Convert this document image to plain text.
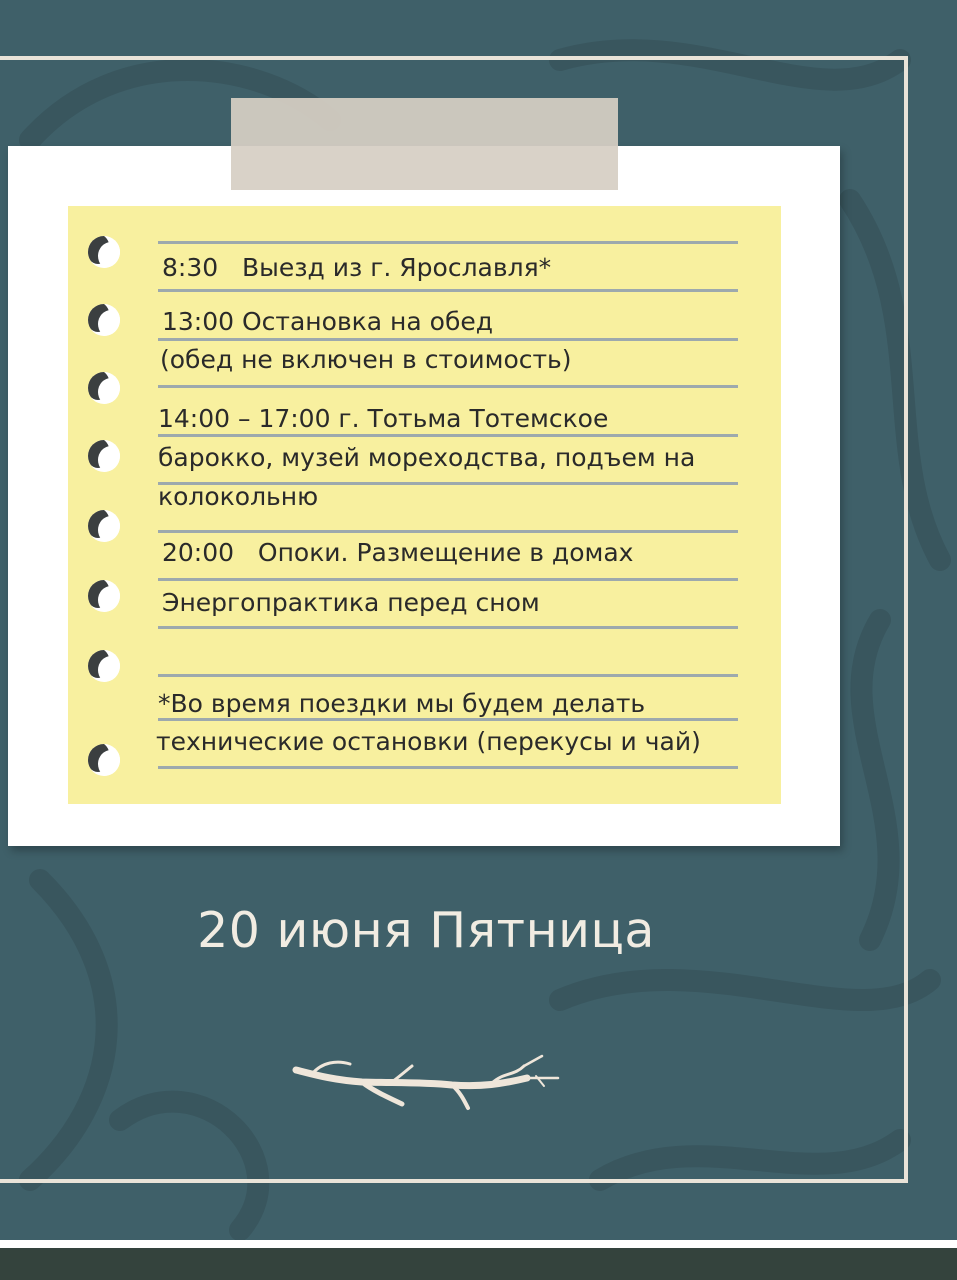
8:30 Выезд из г. Ярославля*
13:00 Остановка на обед
(обед не включен в стоимость)
14:00 – 17:00 г. Тотьма Тотемское
барокко, музей мореходства, подъем на
колокольню
20:00 Опоки. Размещение в домах
Энергопрактика перед сном
*Во время поездки мы будем делать
технические остановки (перекусы и чай)
20 июня Пятница
